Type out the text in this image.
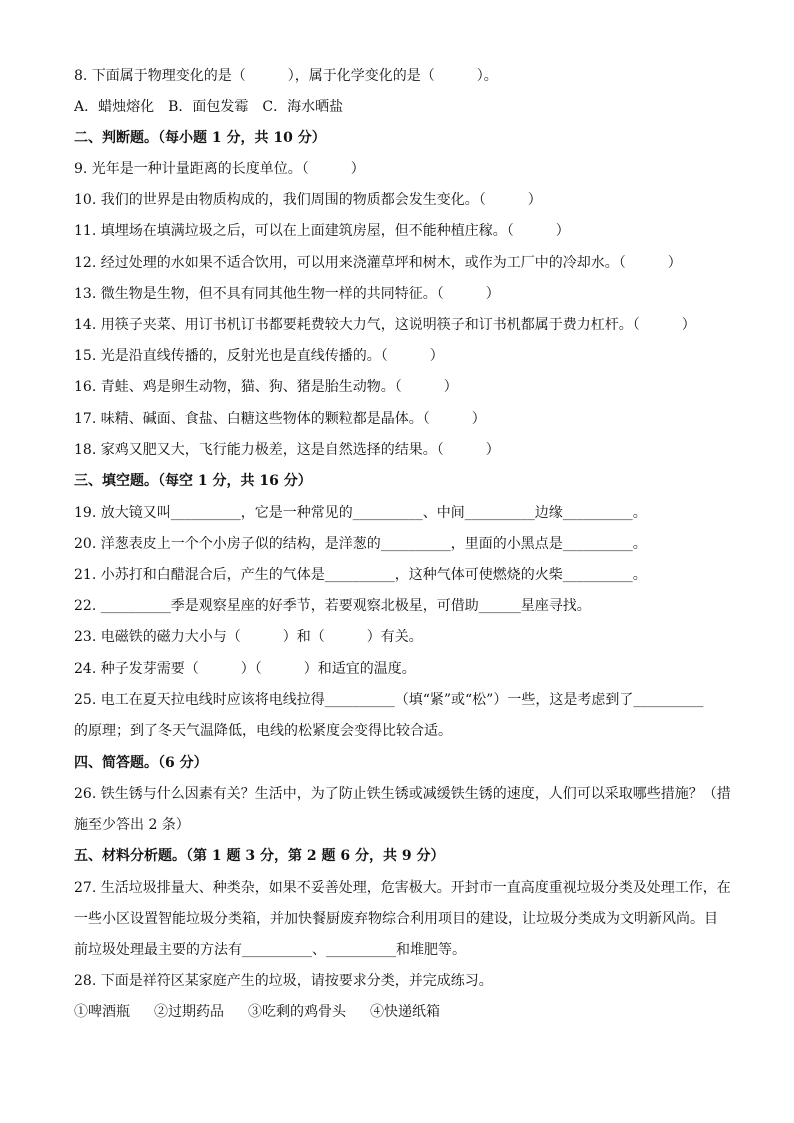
8. 下面属于物理变化的是（　　　），属于化学变化的是（　　　）。
A．蜡烛熔化 B．面包发霉 C．海水晒盐
二、判断题。（每小题 1 分，共 10 分）
9. 光年是一种计量距离的长度单位。（　　　）
10. 我们的世界是由物质构成的，我们周围的物质都会发生变化。（　　　）
11. 填埋场在填满垃圾之后，可以在上面建筑房屋，但不能种植庄稼。（　　　）
12. 经过处理的水如果不适合饮用，可以用来浇灌草坪和树木，或作为工厂中的冷却水。（　　　）
13. 微生物是生物，但不具有同其他生物一样的共同特征。（　　　）
14. 用筷子夹菜、用订书机订书都要耗费较大力气，这说明筷子和订书机都属于费力杠杆。（　　　）
15. 光是沿直线传播的，反射光也是直线传播的。（　　　）
16. 青蛙、鸡是卵生动物，猫、狗、猪是胎生动物。（　　　）
17. 味精、碱面、食盐、白糖这些物体的颗粒都是晶体。（　　　）
18. 家鸡又肥又大，飞行能力极差，这是自然选择的结果。（　　　）
三、填空题。（每空 1 分，共 16 分）
19. 放大镜又叫__________，它是一种常见的__________、中间__________边缘__________。
20. 洋葱表皮上一个个小房子似的结构，是洋葱的__________，里面的小黑点是__________。
21. 小苏打和白醋混合后，产生的气体是__________，这种气体可使燃烧的火柴__________。
22. __________季是观察星座的好季节，若要观察北极星，可借助______星座寻找。
23. 电磁铁的磁力大小与（　　　）和（　　　）有关。
24. 种子发芽需要（　　　）（　　　）和适宜的温度。
25. 电工在夏天拉电线时应该将电线拉得__________（填“紧”或“松”）一些，这是考虑到了__________
的原理；到了冬天气温降低，电线的松紧度会变得比较合适。
四、简答题。（6 分）
26. 铁生锈与什么因素有关？生活中，为了防止铁生锈或减缓铁生锈的速度，人们可以采取哪些措施？（措
施至少答出 2 条）
五、材料分析题。（第 1 题 3 分，第 2 题 6 分，共 9 分）
27. 生活垃圾排量大、种类杂，如果不妥善处理，危害极大。开封市一直高度重视垃圾分类及处理工作，在
一些小区设置智能垃圾分类箱，并加快餐厨废弃物综合利用项目的建设，让垃圾分类成为文明新风尚。目
前垃圾处理最主要的方法有__________、__________和堆肥等。
28. 下面是祥符区某家庭产生的垃圾，请按要求分类，并完成练习。
①啤酒瓶 ②过期药品 ③吃剩的鸡骨头 ④快递纸箱
